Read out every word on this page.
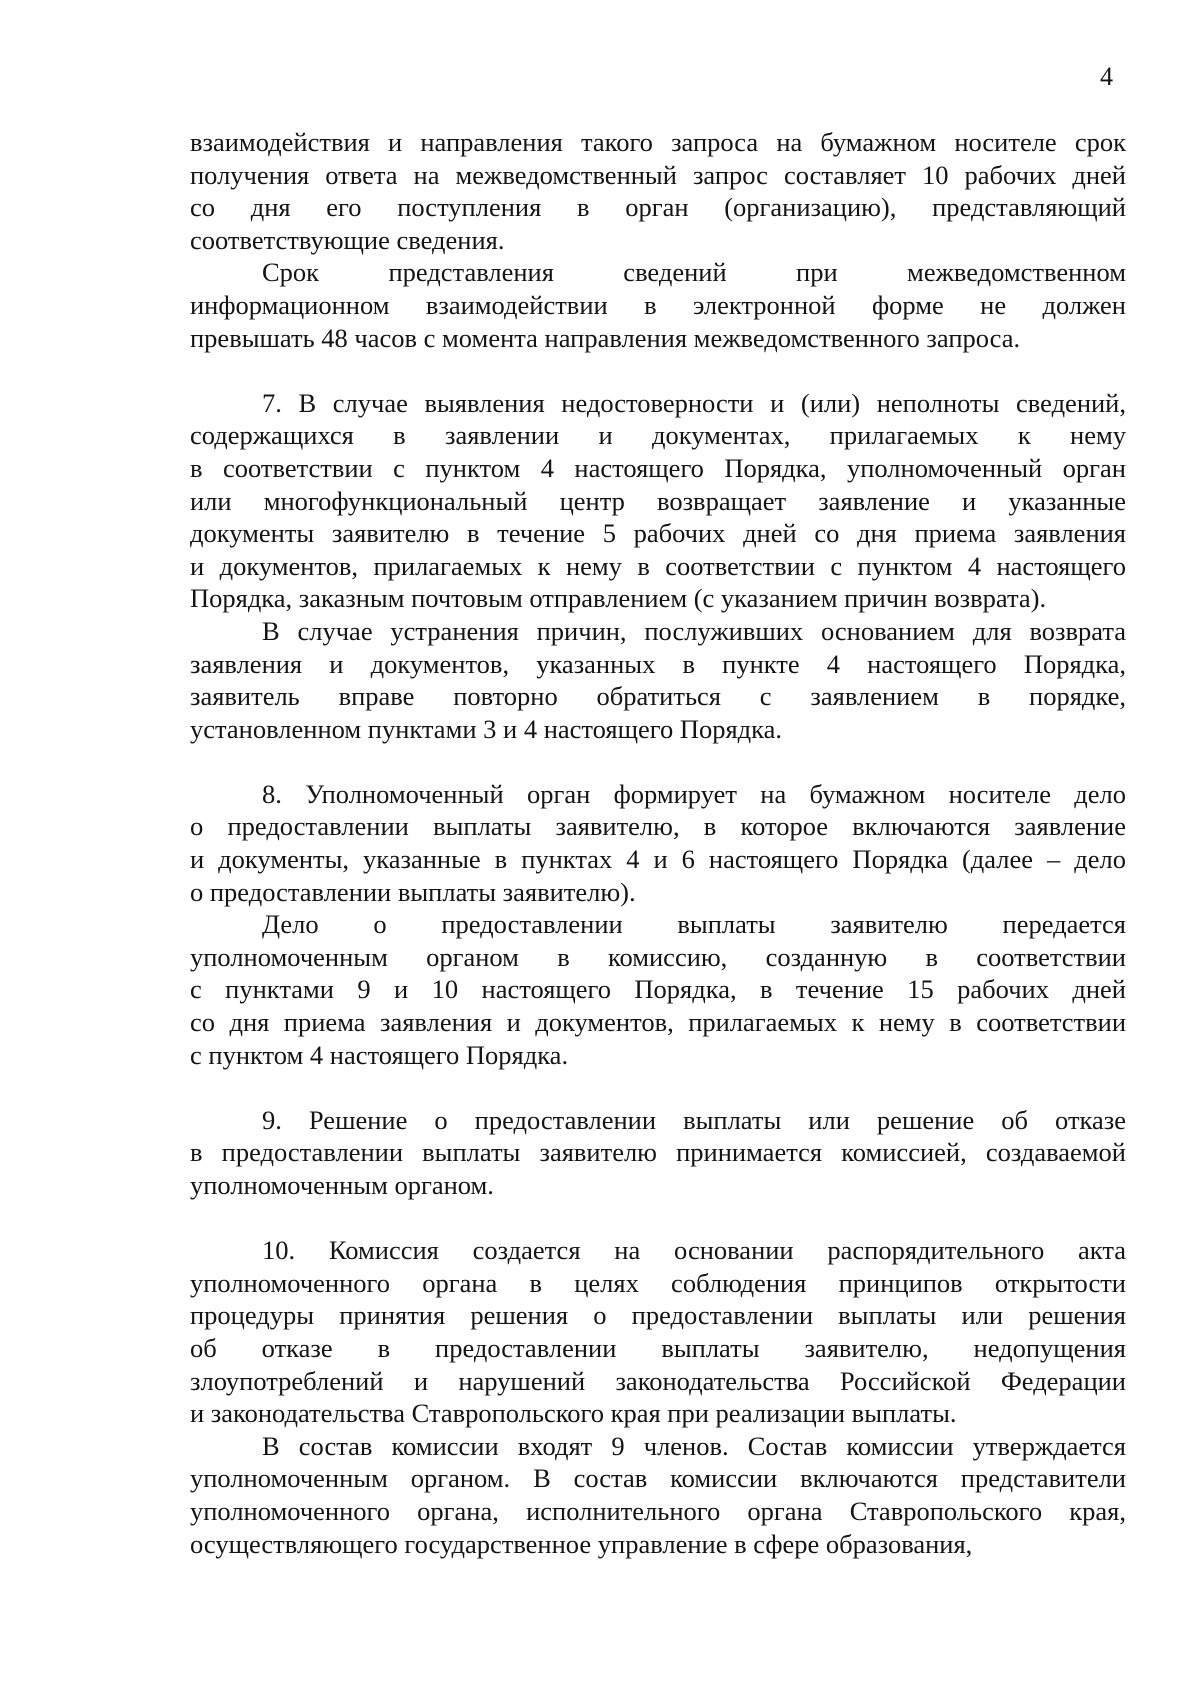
4
взаимодействия и направления такого запроса на бумажном носителе срок
получения ответа на межведомственный запрос составляет 10 рабочих дней
со дня его поступления в орган (организацию), представляющий
соответствующие сведения.
Срок представления сведений при межведомственном
информационном взаимодействии в электронной форме не должен
превышать 48 часов с момента направления межведомственного запроса.
7. В случае выявления недостоверности и (или) неполноты сведений,
содержащихся в заявлении и документах, прилагаемых к нему
в соответствии с пунктом 4 настоящего Порядка, уполномоченный орган
или многофункциональный центр возвращает заявление и указанные
документы заявителю в течение 5 рабочих дней со дня приема заявления
и документов, прилагаемых к нему в соответствии с пунктом 4 настоящего
Порядка, заказным почтовым отправлением (с указанием причин возврата).
В случае устранения причин, послуживших основанием для возврата
заявления и документов, указанных в пункте 4 настоящего Порядка,
заявитель вправе повторно обратиться с заявлением в порядке,
установленном пунктами 3 и 4 настоящего Порядка.
8. Уполномоченный орган формирует на бумажном носителе дело
о предоставлении выплаты заявителю, в которое включаются заявление
и документы, указанные в пунктах 4 и 6 настоящего Порядка (далее – дело
о предоставлении выплаты заявителю).
Дело о предоставлении выплаты заявителю передается
уполномоченным органом в комиссию, созданную в соответствии
с пунктами 9 и 10 настоящего Порядка, в течение 15 рабочих дней
со дня приема заявления и документов, прилагаемых к нему в соответствии
с пунктом 4 настоящего Порядка.
9. Решение о предоставлении выплаты или решение об отказе
в предоставлении выплаты заявителю принимается комиссией, создаваемой
уполномоченным органом.
10. Комиссия создается на основании распорядительного акта
уполномоченного органа в целях соблюдения принципов открытости
процедуры принятия решения о предоставлении выплаты или решения
об отказе в предоставлении выплаты заявителю, недопущения
злоупотреблений и нарушений законодательства Российской Федерации
и законодательства Ставропольского края при реализации выплаты.
В состав комиссии входят 9 членов. Состав комиссии утверждается
уполномоченным органом. В состав комиссии включаются представители
уполномоченного органа, исполнительного органа Ставропольского края,
осуществляющего государственное управление в сфере образования,
